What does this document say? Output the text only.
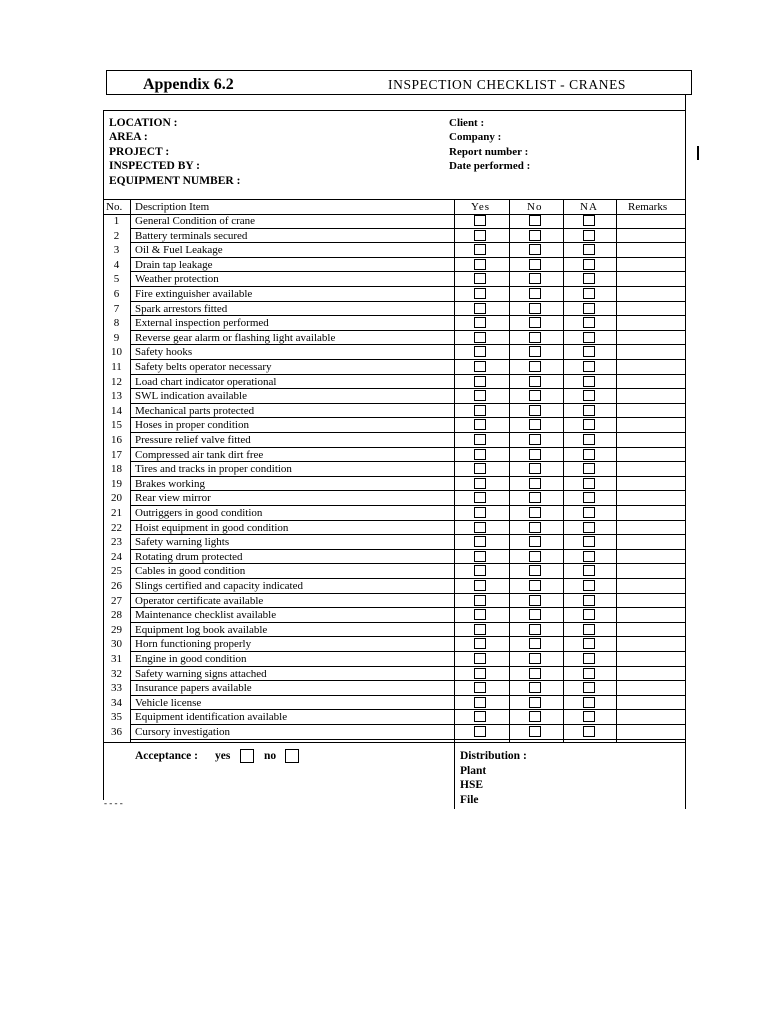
Appendix 6.2	INSPECTION CHECKLIST - CRANES
LOCATION :
AREA :
PROJECT :
INSPECTED BY :
EQUIPMENT NUMBER :
Client :
Company :
Report number :
Date performed :
No. Description Item	Yes	No	NA	Remarks
1	General Condition of crane
2	Battery terminals secured
3	Oil & Fuel Leakage
4	Drain tap leakage
5	Weather protection
6	Fire extinguisher available
7	Spark arrestors fitted
8	External inspection performed
9	Reverse gear alarm or flashing light available
10	Safety hooks
11	Safety belts operator necessary
12	Load chart indicator operational
13	SWL indication available
14	Mechanical parts protected
15	Hoses in proper condition
16	Pressure relief valve fitted
17	Compressed air tank dirt free
18	Tires and tracks in proper condition
19	Brakes working
20	Rear view mirror
21	Outriggers in good condition
22	Hoist equipment in good condition
23	Safety warning lights
24	Rotating drum protected
25	Cables in good condition
26	Slings certified and capacity indicated
27	Operator certificate available
28	Maintenance checklist available
29	Equipment log book available
30	Horn functioning properly
31	Engine in good condition
32	Safety warning signs attached
33	Insurance papers available
34	Vehicle license
35	Equipment identification available
36	Cursory investigation
Acceptance : yes	no	Distribution :
Plant
HSE
File
- - - -
